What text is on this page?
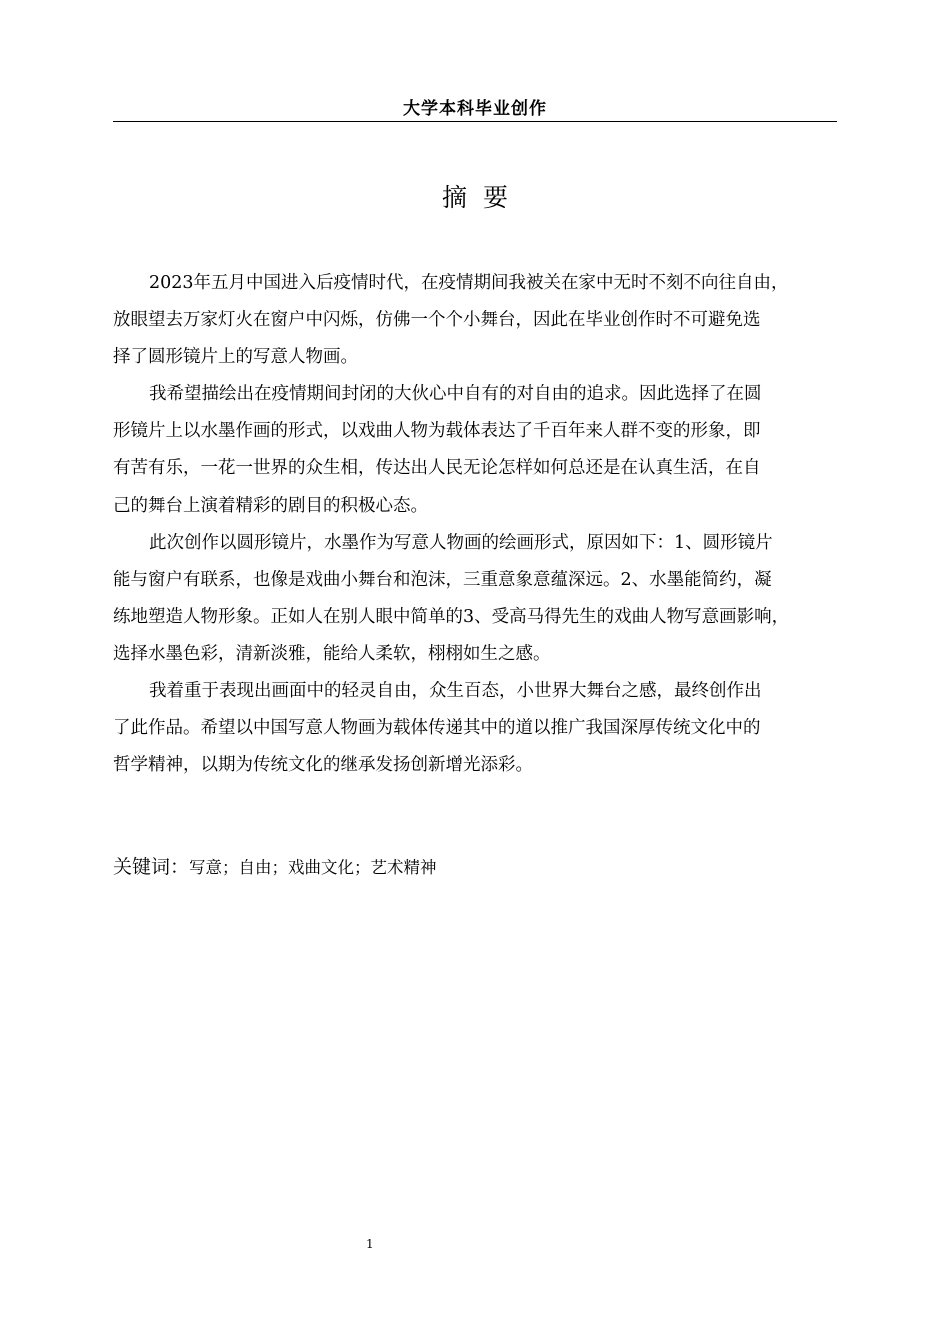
大学本科毕业创作
摘  要
2023年五月中国进入后疫情时代，在疫情期间我被关在家中无时不刻不向往自由，
放眼望去万家灯火在窗户中闪烁，仿佛一个个小舞台，因此在毕业创作时不可避免选
择了圆形镜片上的写意人物画。
我希望描绘出在疫情期间封闭的大伙心中自有的对自由的追求。因此选择了在圆
形镜片上以水墨作画的形式，以戏曲人物为载体表达了千百年来人群不变的形象，即
有苦有乐，一花一世界的众生相，传达出人民无论怎样如何总还是在认真生活，在自
己的舞台上演着精彩的剧目的积极心态。
此次创作以圆形镜片，水墨作为写意人物画的绘画形式，原因如下：1、圆形镜片
能与窗户有联系，也像是戏曲小舞台和泡沫，三重意象意蕴深远。2、水墨能简约，凝
练地塑造人物形象。正如人在别人眼中简单的3、受高马得先生的戏曲人物写意画影响，
选择水墨色彩，清新淡雅，能给人柔软，栩栩如生之感。
我着重于表现出画面中的轻灵自由，众生百态，小世界大舞台之感，最终创作出
了此作品。希望以中国写意人物画为载体传递其中的道以推广我国深厚传统文化中的
哲学精神，以期为传统文化的继承发扬创新增光添彩。
关键词：写意；自由；戏曲文化；艺术精神
1
